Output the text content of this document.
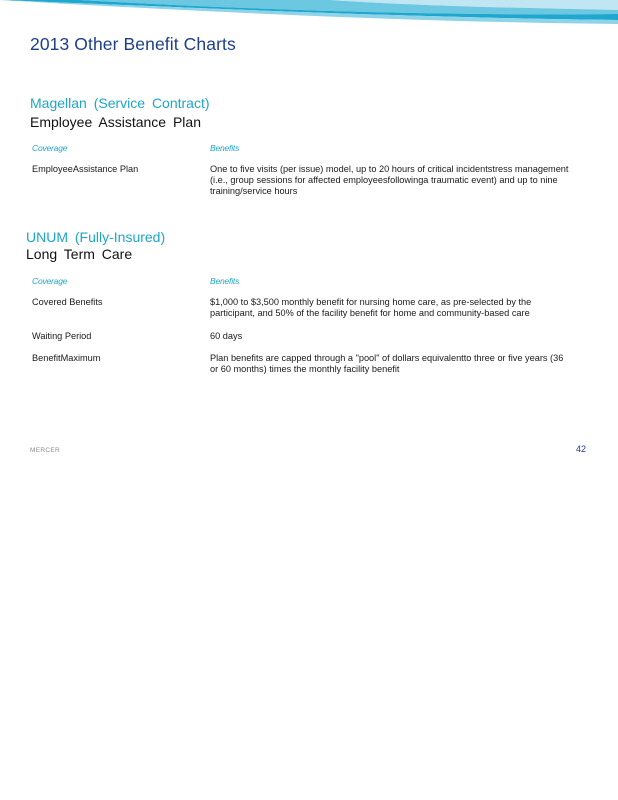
2013 Other Benefit Charts
Magellan (Service Contract)
Employee Assistance Plan
Coverage	Benefits
EmployeeAssistance Plan	One to five visits (per issue) model, up to 20 hours of critical incidentstress management (i.e., group sessions for affected employeesfollowinga traumatic event) and up to nine training/service hours
UNUM (Fully-Insured)
Long Term Care
Coverage	Benefits
Covered Benefits	$1,000 to $3,500 monthly benefit for nursing home care, as pre-selected by the participant, and 50% of the facility benefit for home and community-based care
Waiting Period	60 days
BenefitMaximum	Plan benefits are capped through a "pool" of dollars equivalentto three or five years (36 or 60 months) times the monthly facility benefit
MERCER	42
